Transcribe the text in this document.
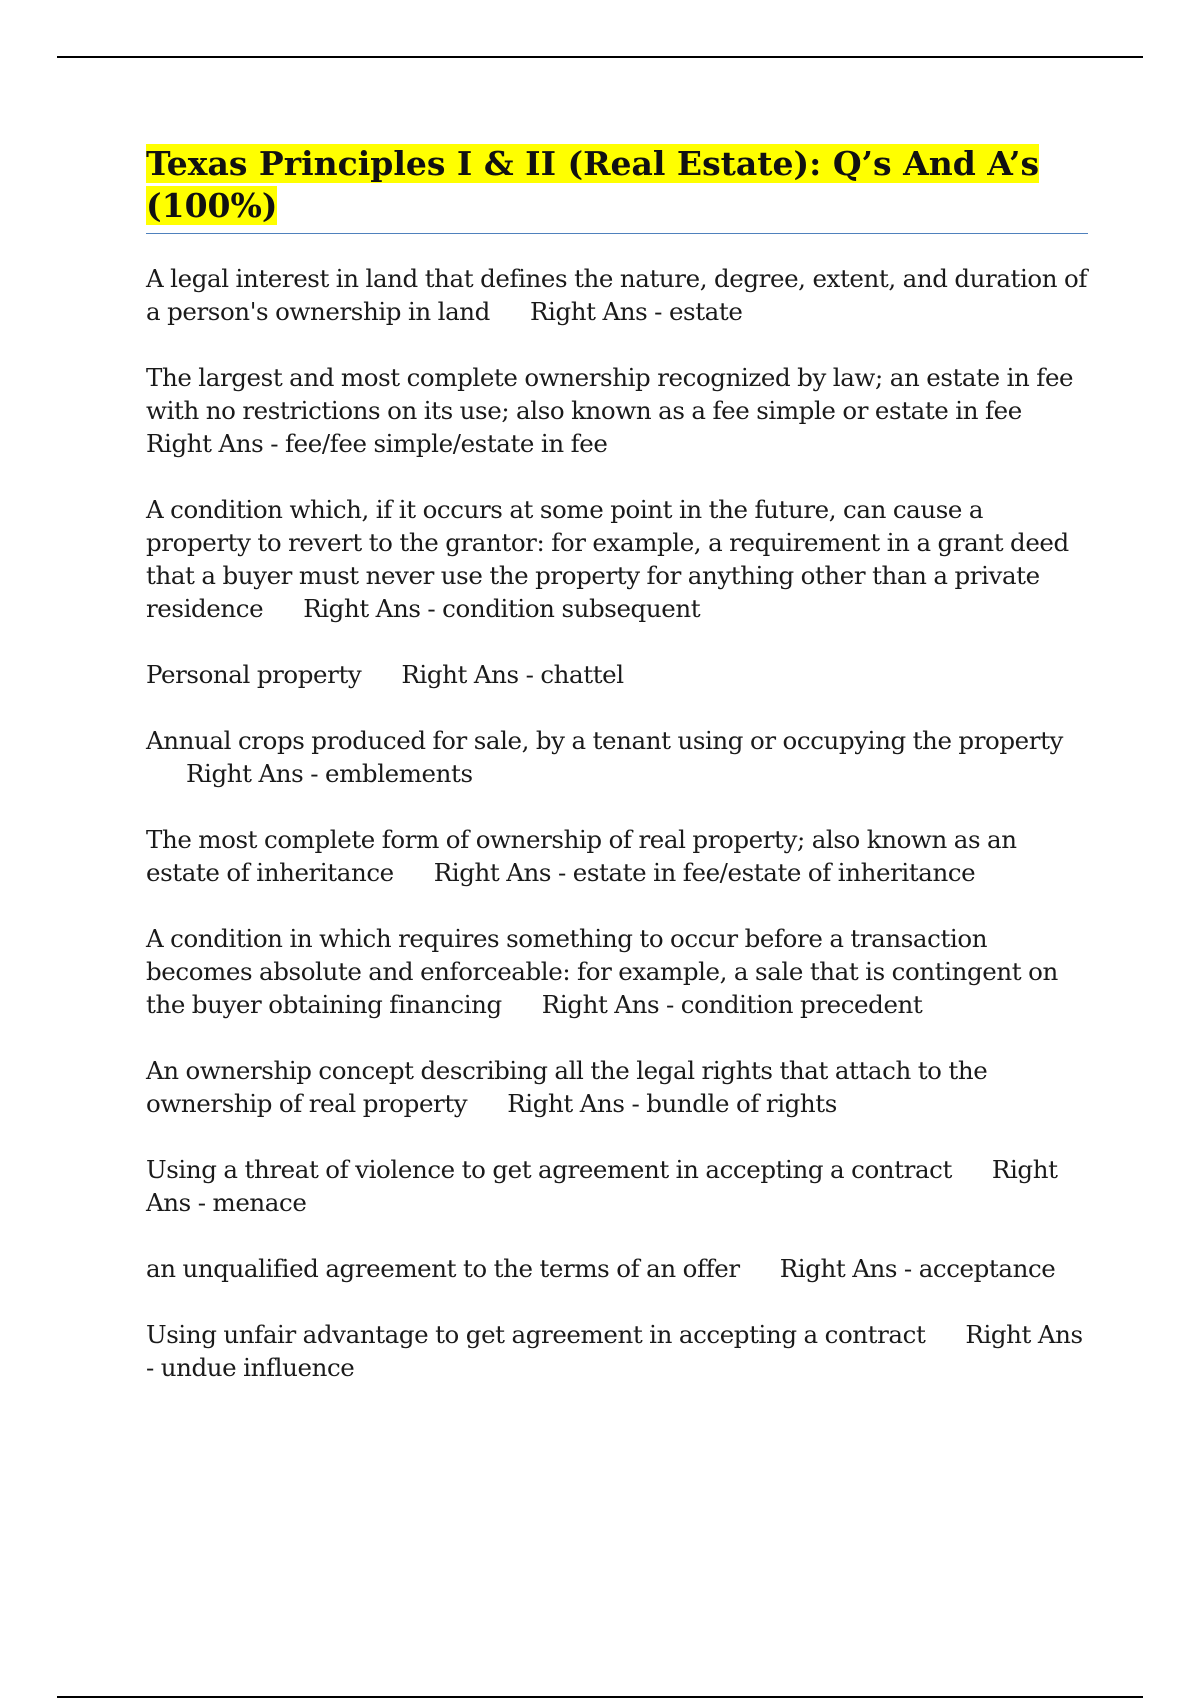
Texas Principles I & II (Real Estate): Q’s And A’s (100%)

A legal interest in land that defines the nature, degree, extent, and duration of a person's ownership in land Right Ans - estate

The largest and most complete ownership recognized by law; an estate in fee with no restrictions on its use; also known as a fee simple or estate in feeRight Ans - fee/fee simple/estate in fee

A condition which, if it occurs at some point in the future, can cause a property to revert to the grantor: for example, a requirement in a grant deed that a buyer must never use the property for anything other than a private residence Right Ans - condition subsequent

Personal property Right Ans - chattel

Annual crops produced for sale, by a tenant using or occupying the propertyRight Ans - emblements

The most complete form of ownership of real property; also known as an estate of inheritance Right Ans - estate in fee/estate of inheritance

A condition in which requires something to occur before a transaction becomes absolute and enforceable: for example, a sale that is contingent on the buyer obtaining financing Right Ans - condition precedent

An ownership concept describing all the legal rights that attach to the ownership of real property Right Ans - bundle of rights

Using a threat of violence to get agreement in accepting a contract Right Ans - menace

an unqualified agreement to the terms of an offer Right Ans - acceptance

Using unfair advantage to get agreement in accepting a contract Right Ans - undue influence
